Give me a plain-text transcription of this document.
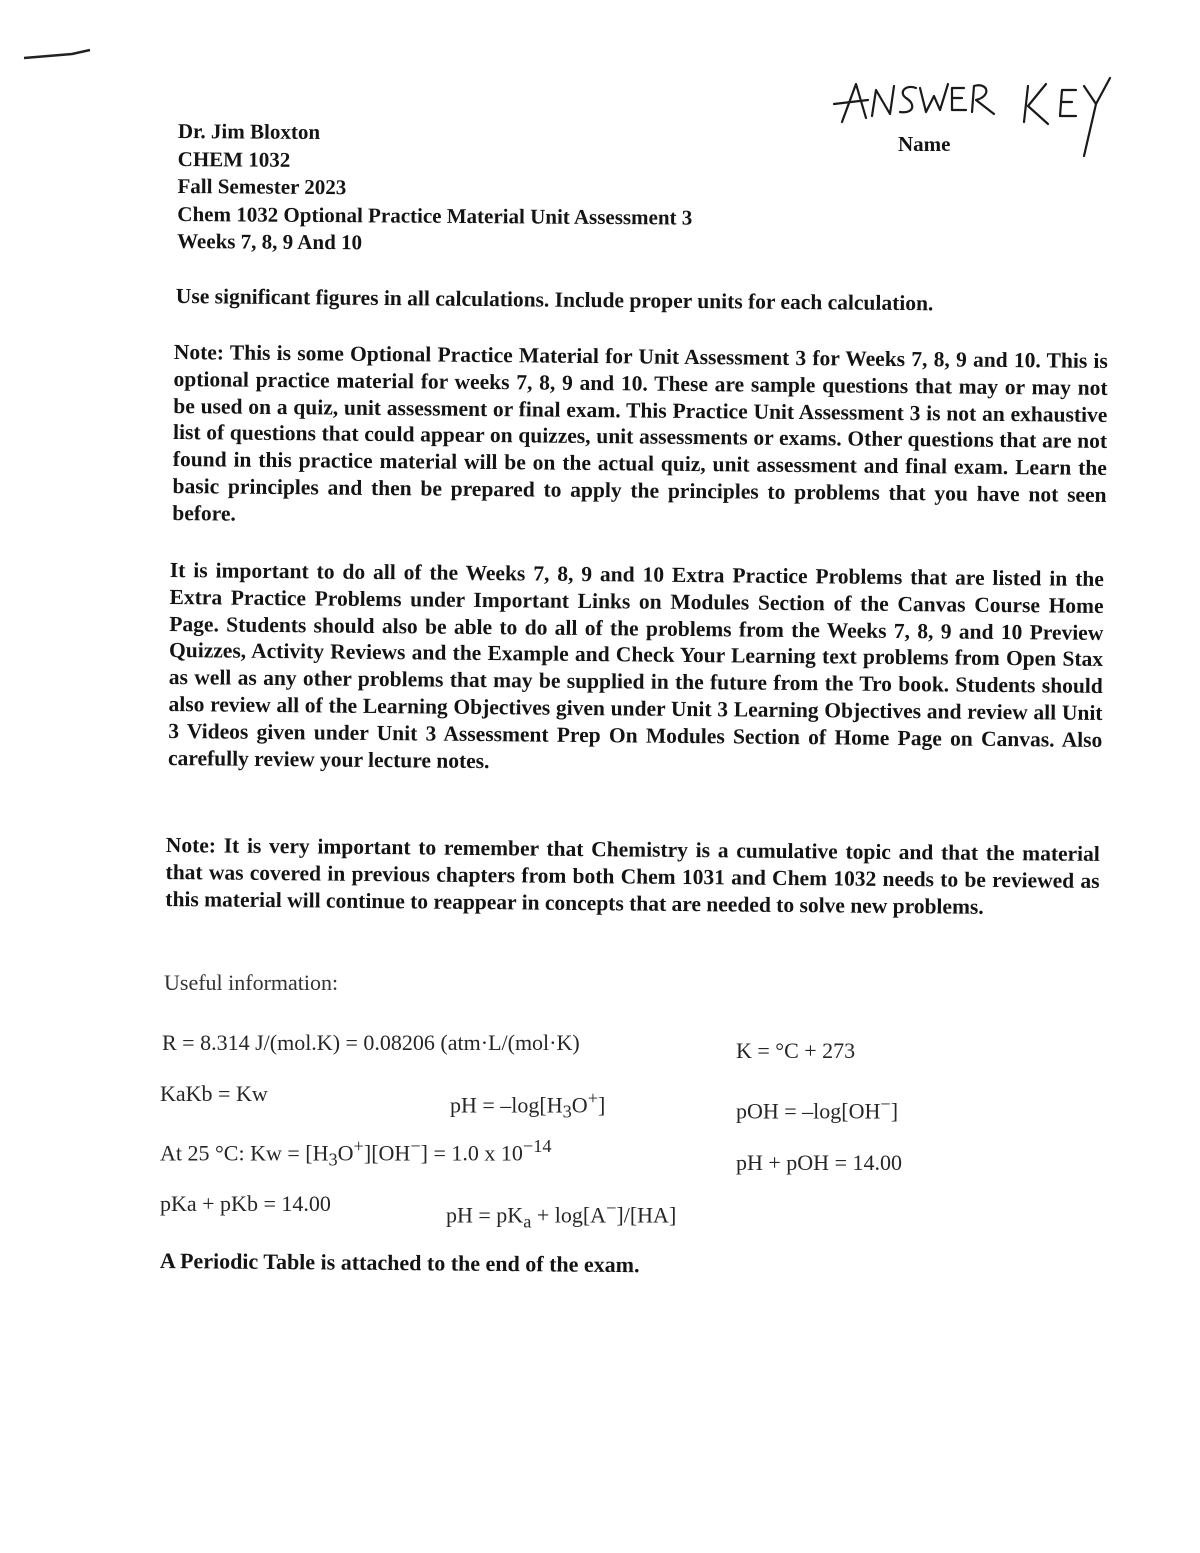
Name
Dr. Jim Bloxton
CHEM 1032
Fall Semester 2023
Chem 1032 Optional Practice Material Unit Assessment 3
Weeks 7, 8, 9 And 10
Use significant figures in all calculations. Include proper units for each calculation.
Note: This is some Optional Practice Material for Unit Assessment 3 for Weeks 7, 8, 9 and 10. This is optional practice material for weeks 7, 8, 9 and 10. These are sample questions that may or may not be used on a quiz, unit assessment or final exam. This Practice Unit Assessment 3 is not an exhaustive list of questions that could appear on quizzes, unit assessments or exams. Other questions that are not found in this practice material will be on the actual quiz, unit assessment and final exam. Learn the basic principles and then be prepared to apply the principles to problems that you have not seen before.
It is important to do all of the Weeks 7, 8, 9 and 10 Extra Practice Problems that are listed in the Extra Practice Problems under Important Links on Modules Section of the Canvas Course Home Page. Students should also be able to do all of the problems from the Weeks 7, 8, 9 and 10 Preview Quizzes, Activity Reviews and the Example and Check Your Learning text problems from Open Stax as well as any other problems that may be supplied in the future from the Tro book. Students should also review all of the Learning Objectives given under Unit 3 Learning Objectives and review all Unit 3 Videos given under Unit 3 Assessment Prep On Modules Section of Home Page on Canvas. Also carefully review your lecture notes.
Note: It is very important to remember that Chemistry is a cumulative topic and that the material that was covered in previous chapters from both Chem 1031 and Chem 1032 needs to be reviewed as this material will continue to reappear in concepts that are needed to solve new problems.
Useful information:
R = 8.314 J/(mol.K) = 0.08206 (atm·L/(mol·K)	K = °C + 273
KaKb = Kw	pH = $-\log[H_3O^+]$	pOH = –log[OH−]
At 25 °C: $Kw = [H_3O^+][OH^-] = 1.0$ x $10^{-14}$
pH + pOH = 14.00
pKa + pKb = 14.00	pH = $pK_a + \log[A^-]/[HA]$
A Periodic Table is attached to the end of the exam.
